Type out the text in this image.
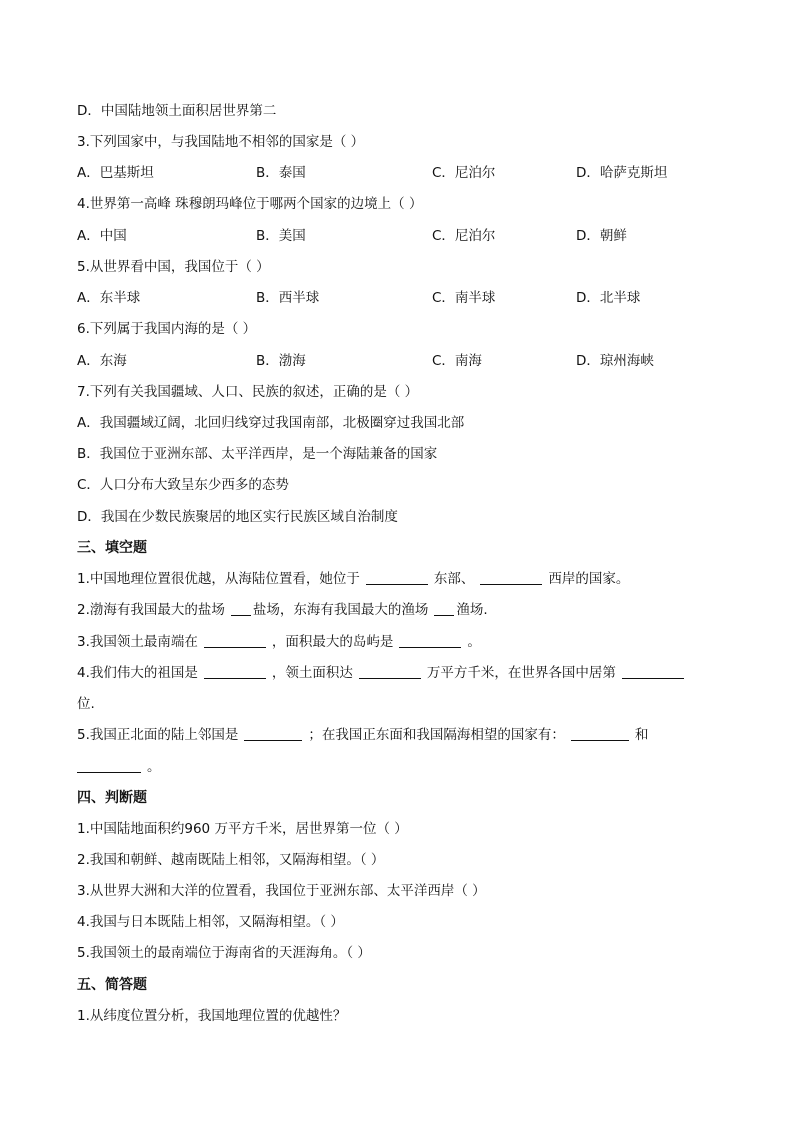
D．中国陆地领土面积居世界第二
3.下列国家中，与我国陆地不相邻的国家是（ ）
A．巴基斯坦	B．泰国	C．尼泊尔	D．哈萨克斯坦
4.世界第一高峰 珠穆朗玛峰位于哪两个国家的边境上（ ）
A．中国	B．美国	C．尼泊尔	D．朝鲜
5.从世界看中国，我国位于（ ）
A．东半球	B．西半球	C．南半球	D．北半球
6.下列属于我国内海的是（ ）
A．东海	B．渤海	C．南海	D．琼州海峡
7.下列有关我国疆域、人口、民族的叙述，正确的是（ ）
A．我国疆域辽阔，北回归线穿过我国南部，北极圈穿过我国北部
B．我国位于亚洲东部、太平洋西岸，是一个海陆兼备的国家
C．人口分布大致呈东少西多的态势
D．我国在少数民族聚居的地区实行民族区域自治制度
三、填空题
1.中国地理位置很优越，从海陆位置看，她位于	东部、	西岸的国家。
2.渤海有我国最大的盐场 盐场，东海有我国最大的渔场 渔场.
3.我国领土最南端在	，面积最大的岛屿是	。
4.我们伟大的祖国是	，领土面积达	万平方千米，在世界各国中居第
位.
5.我国正北面的陆上邻国是	；在我国正东面和我国隔海相望的国家有：	和
。
四、判断题
1.中国陆地面积约960 万平方千米，居世界第一位（ ）
2.我国和朝鲜、越南既陆上相邻，又隔海相望。（ ）
3.从世界大洲和大洋的位置看，我国位于亚洲东部、太平洋西岸（ ）
4.我国与日本既陆上相邻，又隔海相望。（ ）
5.我国领土的最南端位于海南省的天涯海角。（ ）
五、简答题
1.从纬度位置分析，我国地理位置的优越性？
